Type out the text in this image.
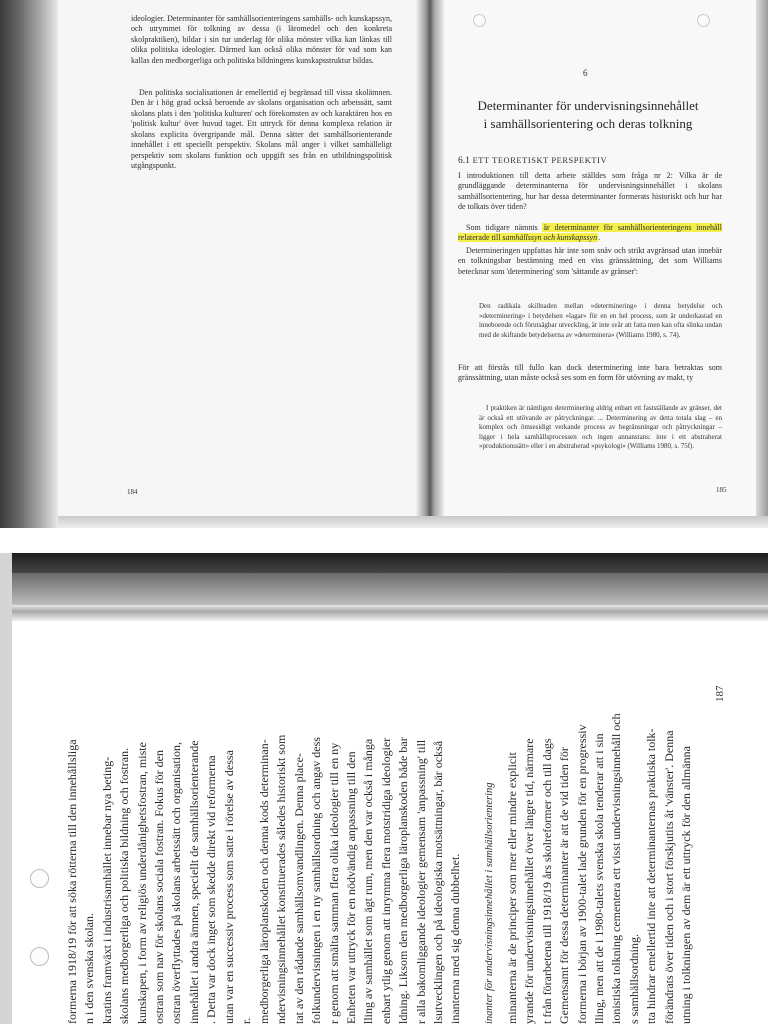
ideologier. Determinanter för samhällsorienteringens samhälls- och kunskapssyn, och utrymmet för tolkning av dessa (i läromedel och den konkreta skolpraktiken), bildar i sin tur underlag för olika mönster vilka kan länkas till olika politiska ideologier. Därmed kan också olika mönster för vad som kan kallas den medborgerliga och politiska bildningens kunskapsstruktur bildas.

Den politiska socialisationen är emellertid ej begränsad till vissa skolämnen. Den är i hög grad också beroende av skolans organisation och arbetssätt, samt skolans plats i den 'politiska kulturen' och förekomsten av och karaktären hos en 'politisk kultur' över huvud taget. Ett uttryck för denna komplexa relation är skolans explicita övergripande mål. Denna sätter det samhällsorienterande innehållet i ett speciellt perspektiv. Skolans mål anger i vilket samhälleligt perspektiv som skolans funktion och uppgift ses från en utbildningspolitisk utgångspunkt.

184
6
Determinanter för undervisningsinnehållet
i samhällsorientering och deras tolkning
6.1 ETT TEORETISKT PERSPEKTIV

I introduktionen till detta arbete ställdes som fråga nr 2: Vilka är de grundläggande determinanterna för undervisningsinnehållet i skolans samhällsorientering, hur har dessa determinanter formerats historiskt och hur har de tolkats över tiden?

Som tidigare nämnts är determinanter för samhällsorienteringens innehåll relaterade till samhällssyn och kunskapssyn.

Determineringen uppfattas här inte som snäv och strikt avgränsad utan innebär en tolkningsbar bestämning med en viss gränssättning, det som Williams betecknar som 'determinering' som 'sättande av gränser':

Den radikala skillnaden mellan »determinering» i denna betydelse och »determinering» i betydelsen »lagar» för en en hel process, som är underkastad en inneboende och förutsägbar utveckling, är inte svår att fatta men kan ofta slinka undan med de skiftande betydelserna av »determinera» (Williams 1980, s. 74).

För att förstås till fullo kan dock determinering inte bara betraktas som gränssättning, utan måste också ses som en form för utövning av makt, ty

I praktiken är nämligen determinering aldrig enbart ett fastställande av gränser, det är också ett utövande av påtryckningar. ... Determinering av detta totala slag – en komplex och ömsesidigt verkande process av begränsningar och påtryckningar – ligger i hela samhällsprocessen och ingen annanstans: inte i ett abstraherat »produktionssätt» eller i en abstraherad »psykologi» (Williams 1980, s. 75f).

185
formerna 1918/19 för att söka rötterna till den innehållsliga n i den svenska skolan. kratins framväxt i industrisamhället innebar nya beting- skolans medborgerliga och politiska bildning och fostran. kunskapen, i form av religiös underdånighetsfostran, miste ostran som nav för skolans sociala fostran. Fokus för den ostran överflyttades på skolans arbetssätt och organisation, innehållet i andra ämnen, speciellt de samhällsorienterande . Detta var dock inget som skedde direkt vid reformerna utan var en successiv process som satte i rörelse av dessa r. medborgerliga läroplanskoden och denna kods determinan- ndervisningsinnehållet konstituerades således historiskt som tat av den rådande samhällsomvandlingen. Denna place- folkundervisningen i en ny samhällsordning och angav dess r genom att smälta samman flera olika ideologier till en ny Enheten var uttryck för en nödvändig anpassning till den lling av samhället som ägt rum, men den var också i många enbart ytlig genom att inrymma flera motstridiga ideologier ldning. Liksom den medborgerliga läroplanskoden både bar r alla bakomliggande ideologier gemensam 'anpassning' till lsutvecklingen och på ideologiska motsättningar, bär också inanterna med sig denna dubbelhet. inanter för undervisningsinnehållet i samhällsorientering minanterna är de principer som mer eller mindre explicit yrande för undervisningsinnehållet över längre tid, närmare t från förarbetena till 1918/19 års skolreformer och till dags Gemensamt för dessa determinanter är att de vid tiden för formerna i början av 1900-talet lade grunden för en progressiv lling, men att de i 1980-talets svenska skola tenderar att i sin ionistiska tolkning cementera ett visst undervisningsinnehåll och s samhällsordning. tta hindrar emellertid inte att determinanternas praktiska tolk- förändrats över tiden och i stort förskjutits åt 'vänster'. Denna utning i tolkningen av dem är ett uttryck för den allmänna
187
